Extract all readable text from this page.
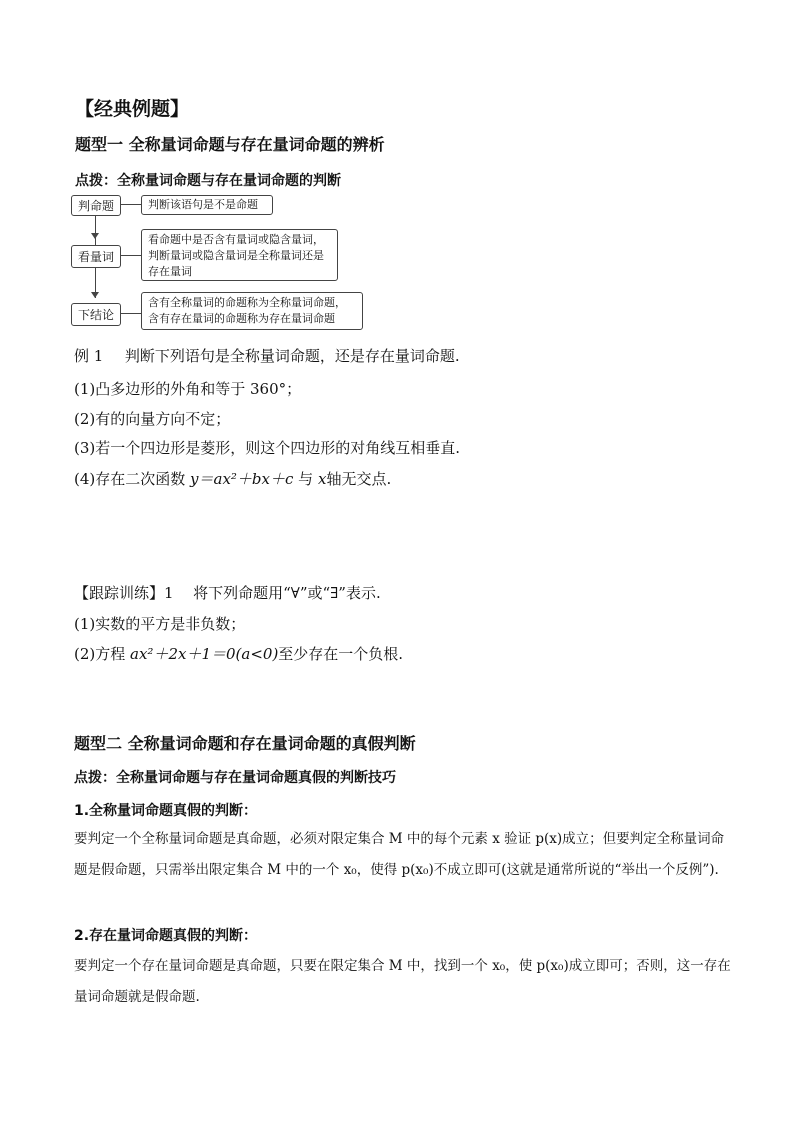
【经典例题】
题型一 全称量词命题与存在量词命题的辨析
点拨：全称量词命题与存在量词命题的判断
判命题	判断该语句是不是命题
看量词
看命题中是否含有量词或隐含量词，判断量词或隐含量词是全称量词还是存在量词
下结论
含有全称量词的命题称为全称量词命题，含有存在量词的命题称为存在量词命题
例 1 判断下列语句是全称量词命题，还是存在量词命题.
(1)凸多边形的外角和等于 360°；
(2)有的向量方向不定；
(3)若一个四边形是菱形，则这个四边形的对角线互相垂直.
(4)存在二次函数 y＝ax²＋bx＋c 与 x轴无交点.
【跟踪训练】1 将下列命题用“∀”或“∃”表示.
(1)实数的平方是非负数；
(2)方程 ax²＋2x＋1＝0(a<0)至少存在一个负根.
题型二 全称量词命题和存在量词命题的真假判断
点拨：全称量词命题与存在量词命题真假的判断技巧
1.全称量词命题真假的判断：
要判定一个全称量词命题是真命题，必须对限定集合 M 中的每个元素 x 验证 p(x)成立；但要判定全称量词命题是假命题，只需举出限定集合 M 中的一个 x₀，使得 p(x₀)不成立即可(这就是通常所说的“举出一个反例”).
2.存在量词命题真假的判断：
要判定一个存在量词命题是真命题，只要在限定集合 M 中，找到一个 x₀，使 p(x₀)成立即可；否则，这一存在量词命题就是假命题.
